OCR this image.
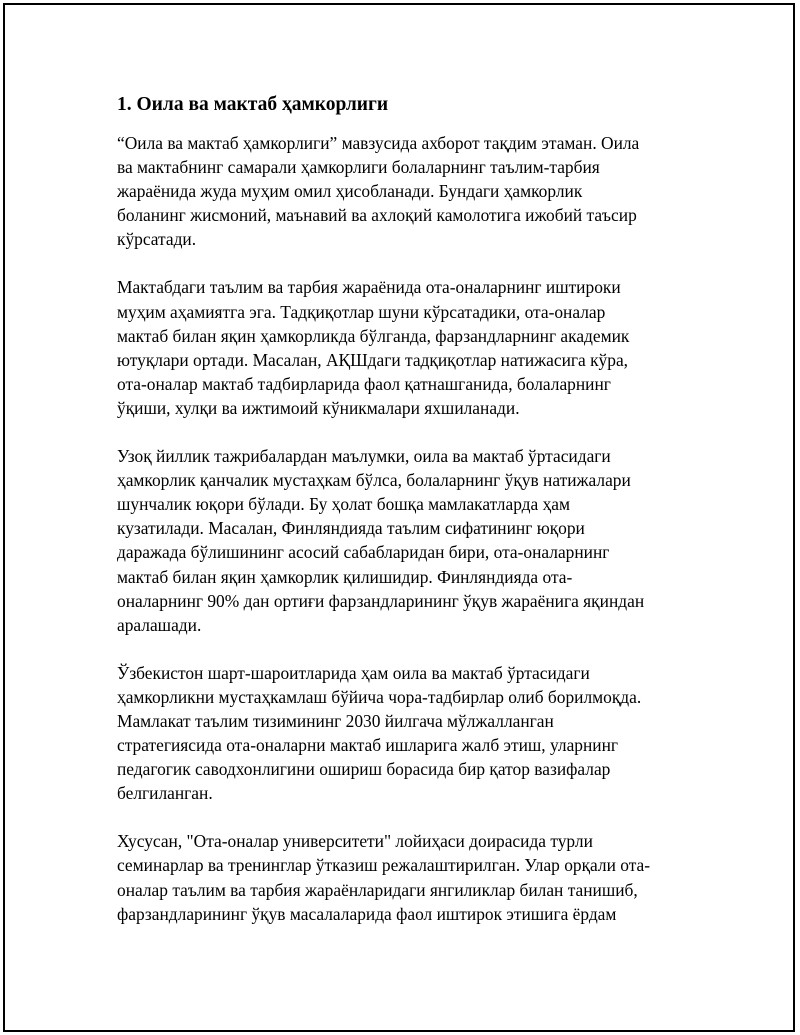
1. Оила ва мактаб ҳамкорлиги

“Оила ва мактаб ҳамкорлиги” мавзусида ахборот тақдим этаман. Оила
ва мактабнинг самарали ҳамкорлиги болаларнинг таълим-тарбия
жараёнида жуда муҳим омил ҳисобланади. Бундаги ҳамкорлик
боланинг жисмоний, маънавий ва ахлоқий камолотига ижобий таъсир
кўрсатади.

Мактабдаги таълим ва тарбия жараёнида ота-оналарнинг иштироки
муҳим аҳамиятга эга. Тадқиқотлар шуни кўрсатадики, ота-оналар
мактаб билан яқин ҳамкорликда бўлганда, фарзандларнинг академик
ютуқлари ортади. Масалан, АҚШдаги тадқиқотлар натижасига кўра,
ота-оналар мактаб тадбирларида фаол қатнашганида, болаларнинг
ўқиши, хулқи ва ижтимоий кўникмалари яхшиланади.

Узоқ йиллик тажрибалардан маълумки, оила ва мактаб ўртасидаги
ҳамкорлик қанчалик мустаҳкам бўлса, болаларнинг ўқув натижалари
шунчалик юқори бўлади. Бу ҳолат бошқа мамлакатларда ҳам
кузатилади. Масалан, Финляндияда таълим сифатининг юқори
даражада бўлишининг асосий сабабларидан бири, ота-оналарнинг
мактаб билан яқин ҳамкорлик қилишидир. Финляндияда ота-
оналарнинг 90% дан ортиғи фарзандларининг ўқув жараёнига яқиндан
аралашади.

Ўзбекистон шарт-шароитларида ҳам оила ва мактаб ўртасидаги
ҳамкорликни мустаҳкамлаш бўйича чора-тадбирлар олиб борилмоқда.
Мамлакат таълим тизимининг 2030 йилгача мўлжалланган
стратегиясида ота-оналарни мактаб ишларига жалб этиш, уларнинг
педагогик саводхонлигини ошириш борасида бир қатор вазифалар
белгиланган.

Хусусан, "Ота-оналар университети" лойиҳаси доирасида турли
семинарлар ва тренинглар ўтказиш режалаштирилган. Улар орқали ота-
оналар таълим ва тарбия жараёнларидаги янгиликлар билан танишиб,
фарзандларининг ўқув масалаларида фаол иштирок этишига ёрдам
